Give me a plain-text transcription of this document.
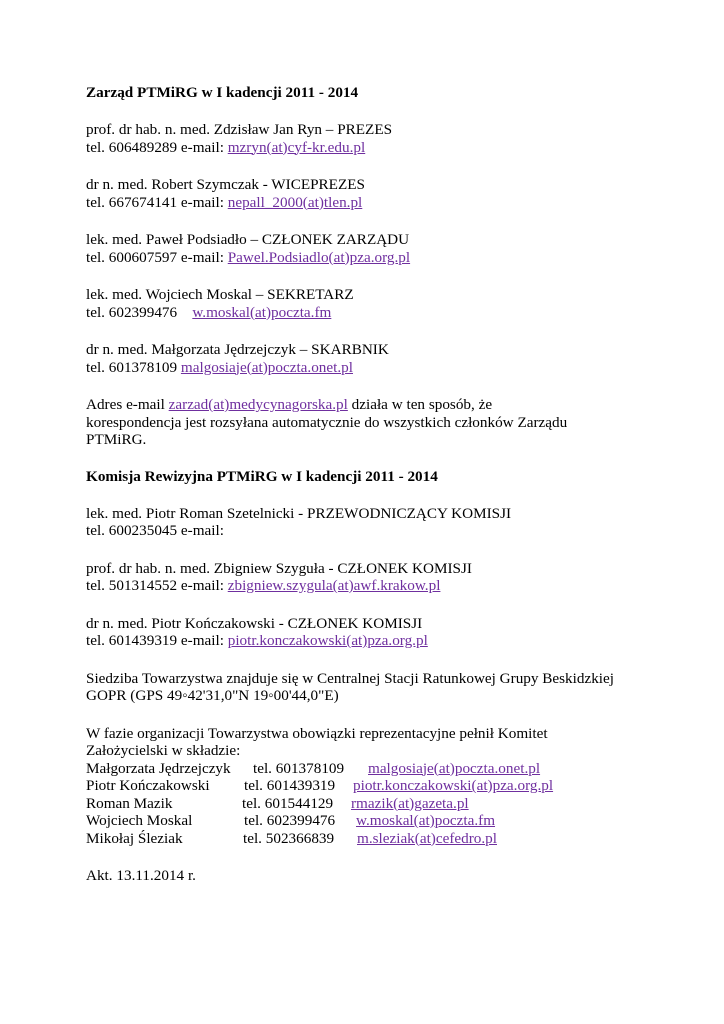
Zarząd PTMiRG w I kadencji 2011 - 2014

prof. dr hab. n. med. Zdzisław Jan Ryn – PREZES
tel. 606489289 e-mail: mzryn(at)cyf-kr.edu.pl
dr n. med. Robert Szymczak - WICEPREZES
tel. 667674141 e-mail: nepall_2000(at)tlen.pl
lek. med. Paweł Podsiadło – CZŁONEK ZARZĄDU
tel. 600607597 e-mail: Pawel.Podsiadlo(at)pza.org.pl
lek. med. Wojciech Moskal – SEKRETARZ
tel. 602399476    w.moskal(at)poczta.fm
dr n. med. Małgorzata Jędrzejczyk – SKARBNIK
tel. 601378109 malgosiaje(at)poczta.onet.pl
Adres e-mail zarzad(at)medycynagorska.pl działa w ten sposób, że
korespondencja jest rozsyłana automatycznie do wszystkich członków Zarządu
PTMiRG.

Komisja Rewizyjna PTMiRG w I kadencji 2011 - 2014

lek. med. Piotr Roman Szetelnicki - PRZEWODNICZĄCY KOMISJI
tel. 600235045 e-mail:
prof. dr hab. n. med. Zbigniew Szyguła - CZŁONEK KOMISJI
tel. 501314552 e-mail: zbigniew.szygula(at)awf.krakow.pl
dr n. med. Piotr Kończakowski - CZŁONEK KOMISJI
tel. 601439319 e-mail: piotr.konczakowski(at)pza.org.pl
Siedziba Towarzystwa znajduje się w Centralnej Stacji Ratunkowej Grupy Beskidzkiej
GOPR (GPS 49◦42'31,0"N 19◦00'44,0"E)
W fazie organizacji Towarzystwa obowiązki reprezentacyjne pełnił Komitet
Założycielski w składzie:
Małgorzata Jędrzejczyk tel. 601378109 malgosiaje(at)poczta.onet.pl
Piotr Kończakowski tel. 601439319 piotr.konczakowski(at)pza.org.pl
Roman Mazik	tel. 601544129 rmazik(at)gazeta.pl
Wojciech Moskal	tel. 602399476 w.moskal(at)poczta.fm
Mikołaj Śleziak	tel. 502366839 m.sleziak(at)cefedro.pl
Akt. 13.11.2014 r.
